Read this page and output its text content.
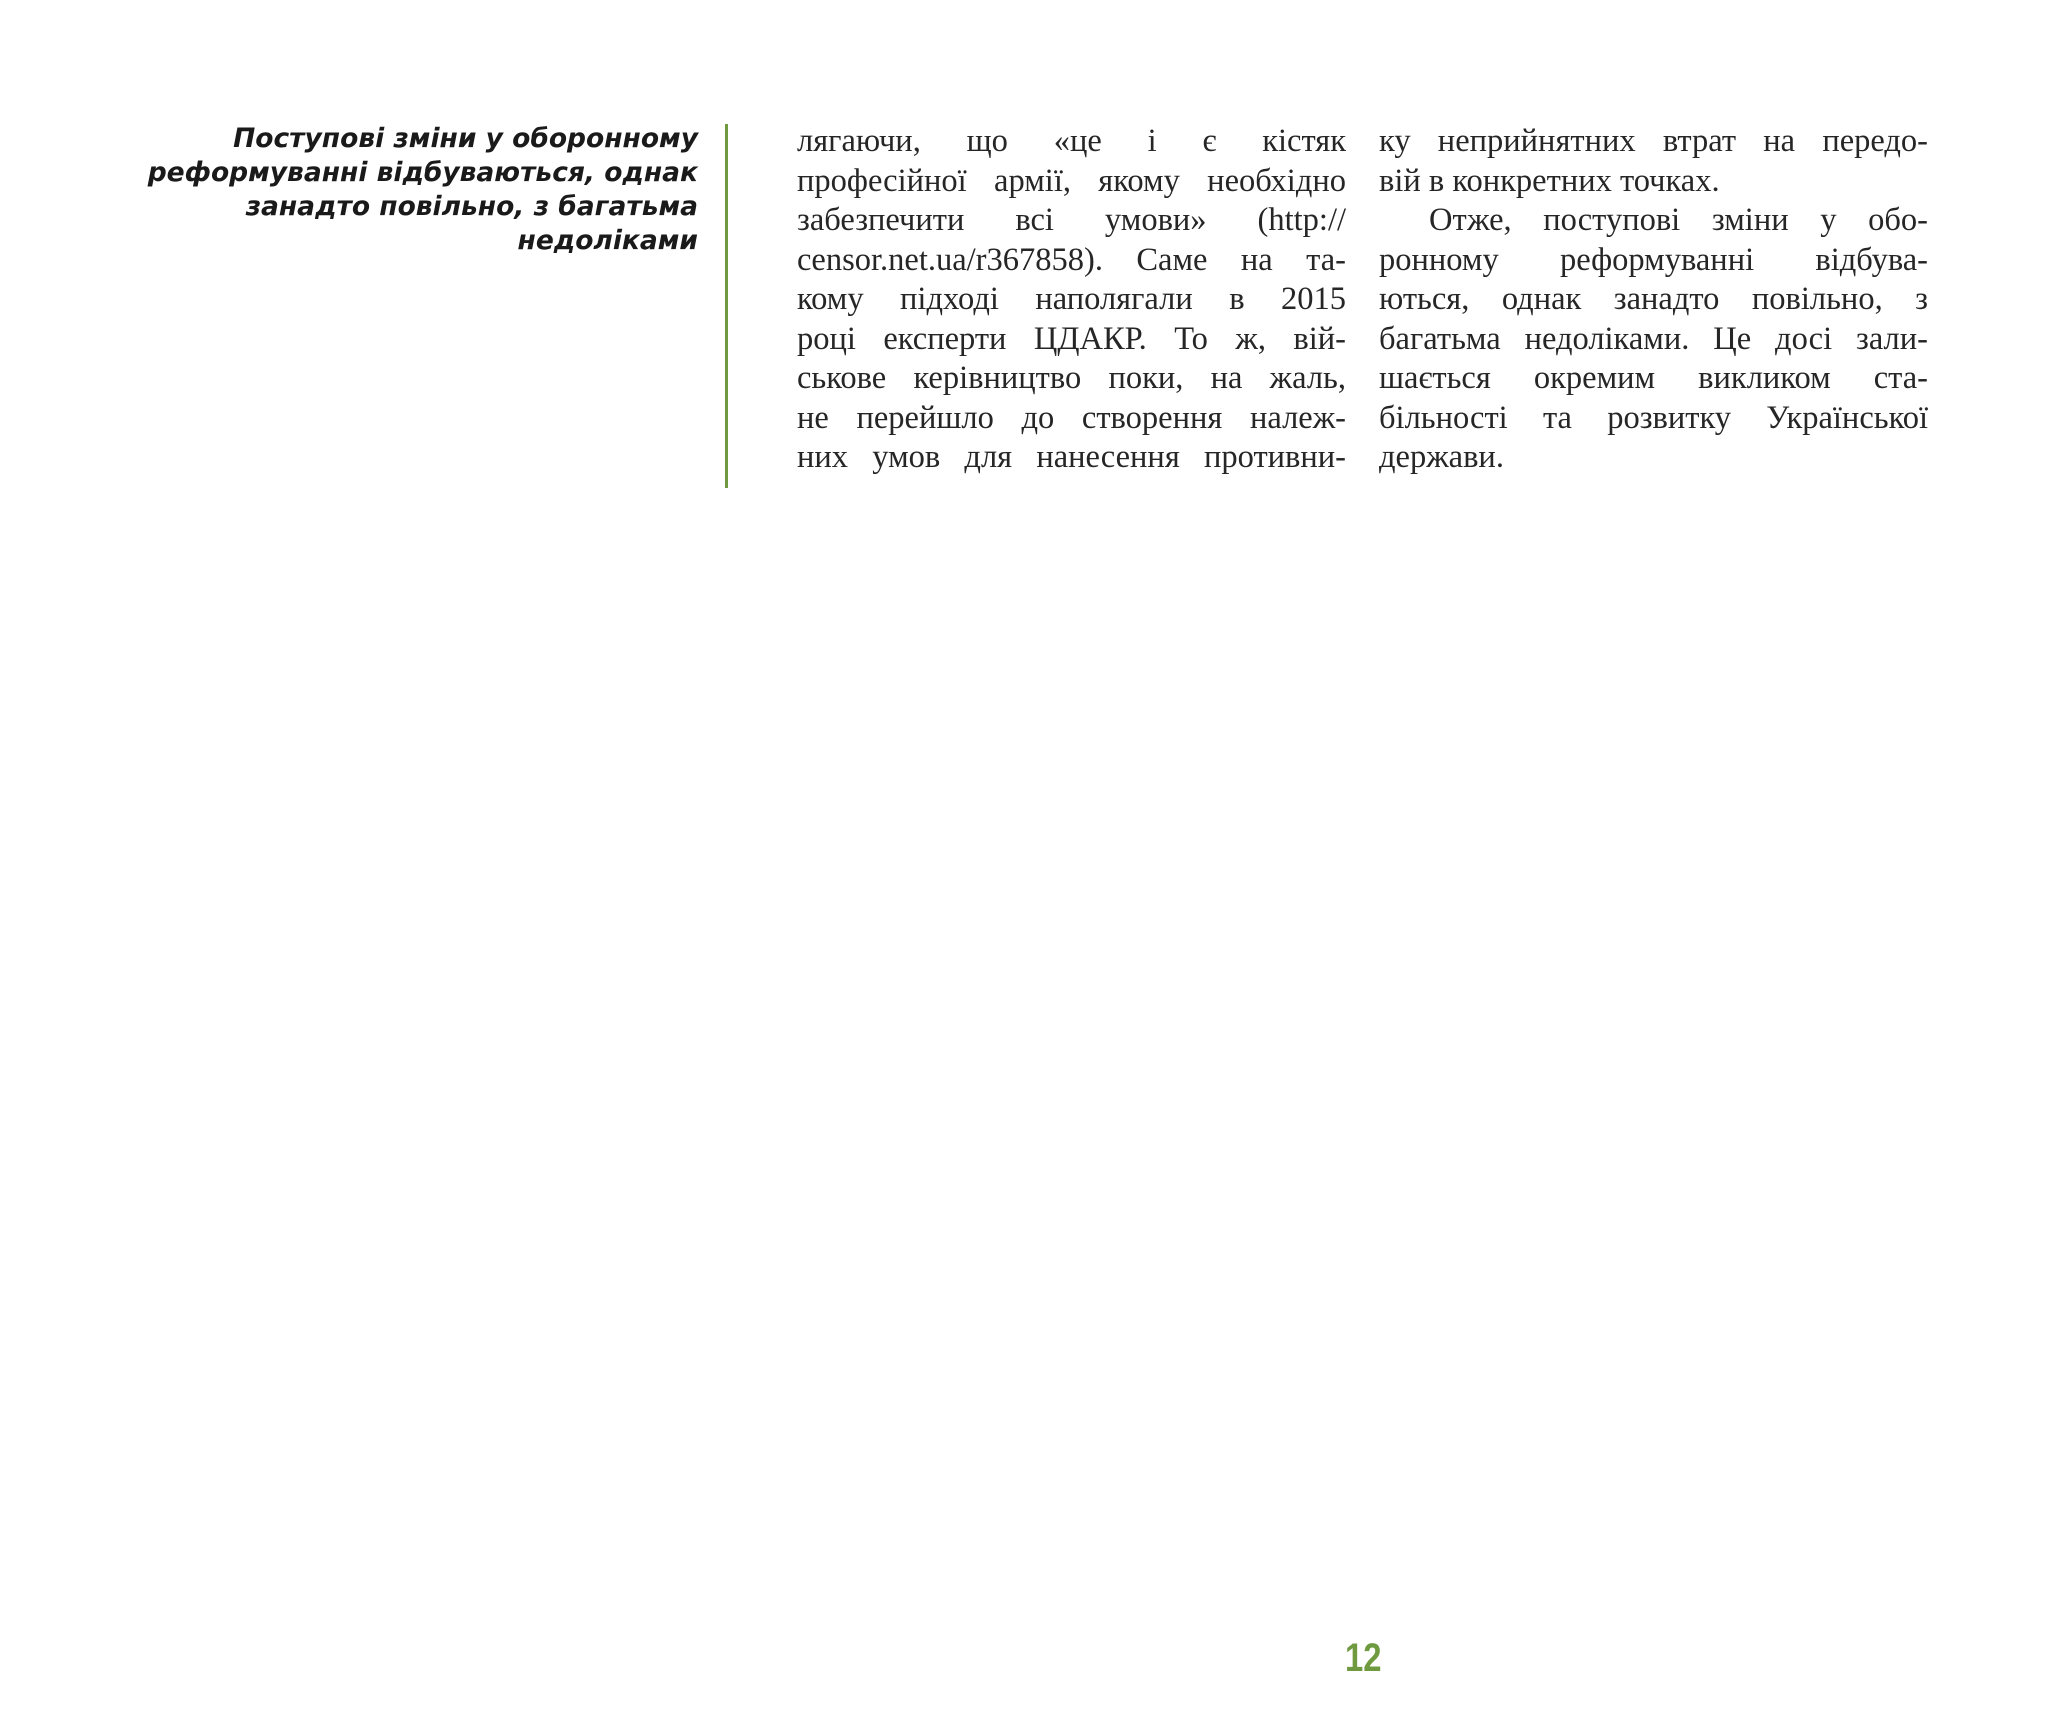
Поступові зміни у оборонному
реформуванні відбуваються, однак
занадто повільно, з багатьма
недоліками
лягаючи, що «це і є кістяк
професійної армії, якому необхідно
забезпечити всі умови» (http://
censor.net.ua/r367858). Саме на та-
кому підході наполягали в 2015
році експерти ЦДАКР. То ж, вій-
ськове керівництво поки, на жаль,
не перейшло до створення належ-
них умов для нанесення противни-
ку неприйнятних втрат на передо-
вій в конкретних точках.
Отже, поступові зміни у обо-
ронному реформуванні відбува-
ються, однак занадто повільно, з
багатьма недоліками. Це досі зали-
шається окремим викликом ста-
більності та розвитку Української
держави.
12
